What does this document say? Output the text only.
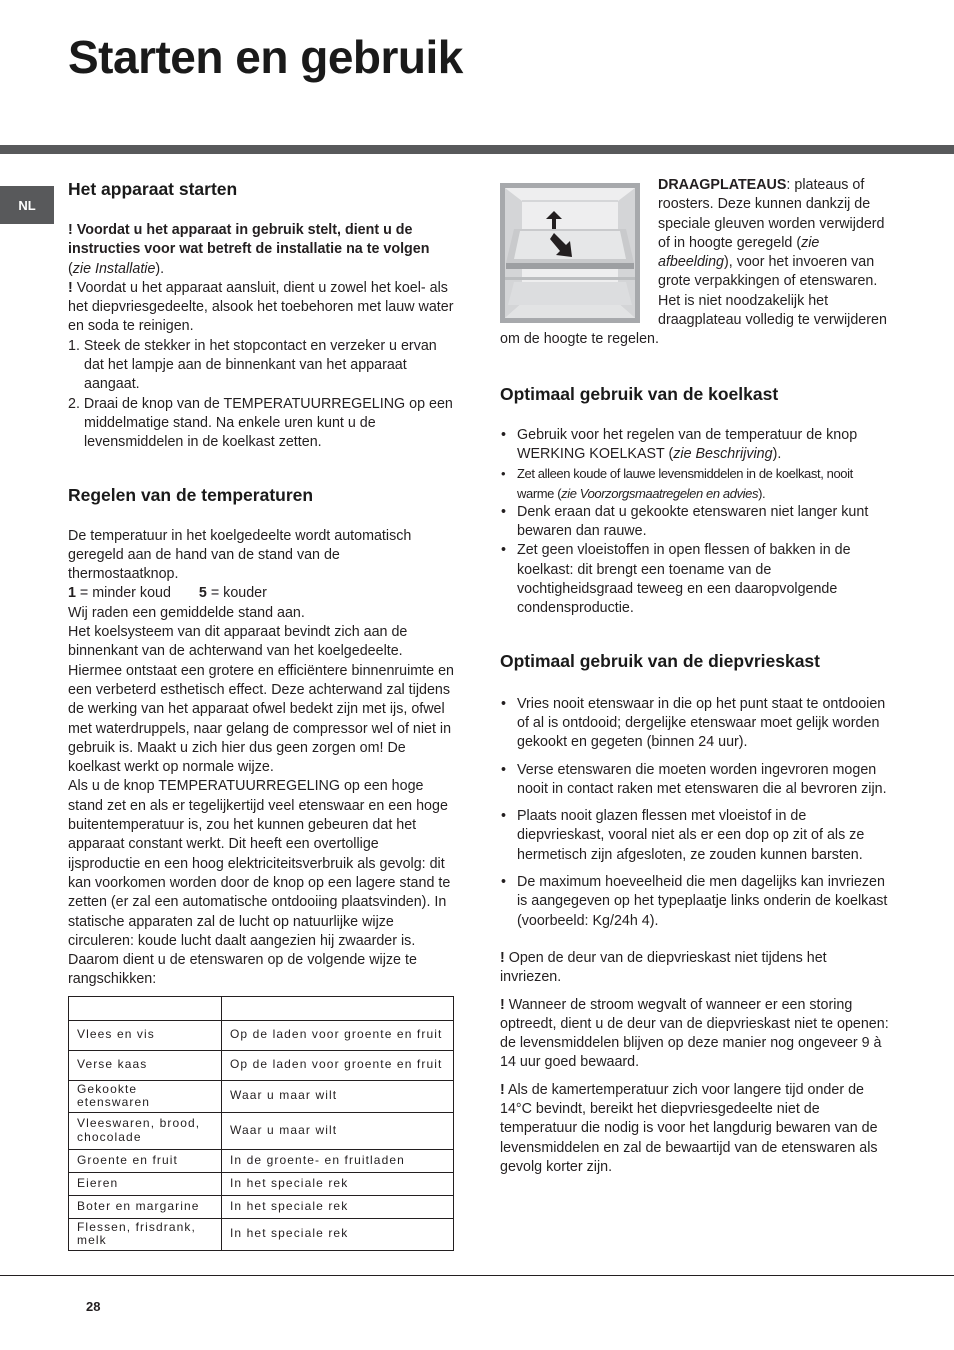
Starten en gebruik
NL
Het apparaat starten

! Voordat u het apparaat in gebruik stelt, dient u de instructies voor wat betreft de installatie na te volgen (zie Installatie).

! Voordat u het apparaat aansluit, dient u zowel het koel- als het diepvriesgedeelte, alsook het toebehoren met lauw water en soda te reinigen.

1. Steek de stekker in het stopcontact en verzeker u ervan dat het lampje aan de binnenkant van het apparaat aangaat.
2. Draai de knop van de TEMPERATUURREGELING op een middelmatige stand. Na enkele uren kunt u de levensmiddelen in de koelkast zetten.
Regelen van de temperaturen

De temperatuur in het koelgedeelte wordt automatisch geregeld aan de hand van de stand van de thermostaatknop.

1 = minder koud 5 = kouder

Wij raden een gemiddelde stand aan.

Het koelsysteem van dit apparaat bevindt zich aan de binnenkant van de achterwand van het koelgedeelte. Hiermee ontstaat een grotere en efficiëntere binnenruimte en een verbeterd esthetisch effect. Deze achterwand zal tijdens de werking van het apparaat ofwel bedekt zijn met ijs, ofwel met waterdruppels, naar gelang de compressor wel of niet in gebruik is. Maakt u zich hier dus geen zorgen om! De koelkast werkt op normale wijze.
Als u de knop TEMPERATUURREGELING op een hoge stand zet en als er tegelijkertijd veel etenswaar en een hoge buitentemperatuur is, zou het kunnen gebeuren dat het apparaat constant werkt. Dit heeft een overtollige ijsproductie en een hoog elektriciteitsverbruik als gevolg: dit kan voorkomen worden door de knop op een lagere stand te zetten (er zal een automatische ontdooiing plaatsvinden). In statische apparaten zal de lucht op natuurlijke wijze circuleren: koude lucht daalt aangezien hij zwaarder is. Daarom dient u de etenswaren op de volgende wijze te rangschikken:

Vlees en vis	Op de laden voor groente en fruit
Verse kaas	Op de laden voor groente en fruit
Gekookte etenswaren	Waar u maar wilt
Vleeswaren, brood, chocolade	Waar u maar wilt
Groente en fruit	In de groente- en fruitladen
Eieren	In het speciale rek
Boter en margarine	In het speciale rek
Flessen, frisdrank, melk	In het speciale rek

DRAAGPLATEAUS: plateaus of roosters. Deze kunnen dankzij de speciale gleuven worden verwijderd of in hoogte geregeld (zie afbeelding), voor het invoeren van grote verpakkingen of etenswaren. Het is niet noodzakelijk het draagplateau volledig te verwijderen om de hoogte te regelen.

Optimaal gebruik van de koelkast
• Gebruik voor het regelen van de temperatuur de knop WERKING KOELKAST (zie Beschrijving).
• Zet alleen koude of lauwe levensmiddelen in de koelkast, nooit warme (zie Voorzorgsmaatregelen en advies).
• Denk eraan dat u gekookte etenswaren niet langer kunt bewaren dan rauwe.
• Zet geen vloeistoffen in open flessen of bakken in de koelkast: dit brengt een toename van de vochtigheidsgraad teweeg en een daaropvolgende condensproductie.
Optimaal gebruik van de diepvrieskast
• Vries nooit etenswaar in die op het punt staat te ontdooien of al is ontdooid; dergelijke etenswaar moet gelijk worden gekookt en gegeten (binnen 24 uur).
• Verse etenswaren die moeten worden ingevroren mogen nooit in contact raken met etenswaren die al bevroren zijn.
• Plaats nooit glazen flessen met vloeistof in de diepvrieskast, vooral niet als er een dop op zit of als ze hermetisch zijn afgesloten, ze zouden kunnen barsten.
• De maximum hoeveelheid die men dagelijks kan invriezen is aangegeven op het typeplaatje links onderin de koelkast (voorbeeld: Kg/24h 4).

! Open de deur van de diepvrieskast niet tijdens het invriezen.

! Wanneer de stroom wegvalt of wanneer er een storing optreedt, dient u de deur van de diepvrieskast niet te openen: de levensmiddelen blijven op deze manier nog ongeveer 9 à 14 uur goed bewaard.

! Als de kamertemperatuur zich voor langere tijd onder de 14°C bevindt, bereikt het diepvriesgedeelte niet de temperatuur die nodig is voor het langdurig bewaren van de levensmiddelen en zal de bewaartijd van de etenswaren als gevolg korter zijn.

28
